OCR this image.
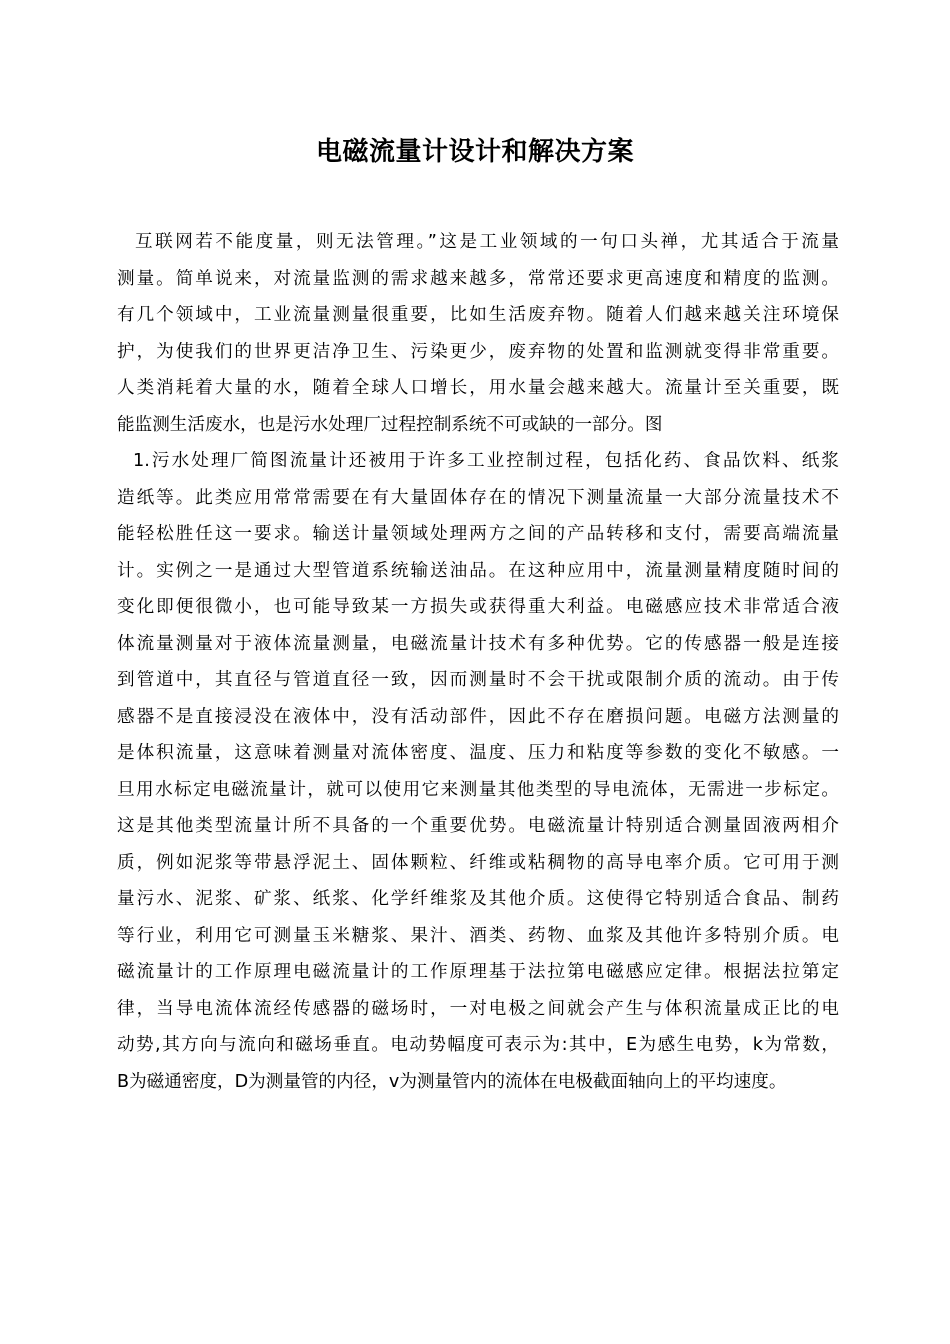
电磁流量计设计和解决方案
互联网若不能度量，则无法管理。”这是工业领域的一句口头禅，尤其适合于流量
测量。简单说来，对流量监测的需求越来越多，常常还要求更高速度和精度的监测。
有几个领域中，工业流量测量很重要，比如生活废弃物。随着人们越来越关注环境保
护，为使我们的世界更洁净卫生、污染更少，废弃物的处置和监测就变得非常重要。
人类消耗着大量的水，随着全球人口增长，用水量会越来越大。流量计至关重要，既
能监测生活废水，也是污水处理厂过程控制系统不可或缺的一部分。图
1.污水处理厂简图流量计还被用于许多工业控制过程，包括化药、食品饮料、纸浆
造纸等。此类应用常常需要在有大量固体存在的情况下测量流量一大部分流量技术不
能轻松胜任这一要求。输送计量领域处理两方之间的产品转移和支付，需要高端流量
计。实例之一是通过大型管道系统输送油品。在这种应用中，流量测量精度随时间的
变化即便很微小，也可能导致某一方损失或获得重大利益。电磁感应技术非常适合液
体流量测量对于液体流量测量，电磁流量计技术有多种优势。它的传感器一般是连接
到管道中，其直径与管道直径一致，因而测量时不会干扰或限制介质的流动。由于传
感器不是直接浸没在液体中，没有活动部件，因此不存在磨损问题。电磁方法测量的
是体积流量，这意味着测量对流体密度、温度、压力和粘度等参数的变化不敏感。一
旦用水标定电磁流量计，就可以使用它来测量其他类型的导电流体，无需进一步标定。
这是其他类型流量计所不具备的一个重要优势。电磁流量计特别适合测量固液两相介
质，例如泥浆等带悬浮泥土、固体颗粒、纤维或粘稠物的高导电率介质。它可用于测
量污水、泥浆、矿浆、纸浆、化学纤维浆及其他介质。这使得它特别适合食品、制药
等行业，利用它可测量玉米糖浆、果汁、酒类、药物、血浆及其他许多特别介质。电
磁流量计的工作原理电磁流量计的工作原理基于法拉第电磁感应定律。根据法拉第定
律，当导电流体流经传感器的磁场时，一对电极之间就会产生与体积流量成正比的电
动势,其方向与流向和磁场垂直。电动势幅度可表示为:其中，E为感生电势，k为常数，
B为磁通密度，D为测量管的内径，v为测量管内的流体在电极截面轴向上的平均速度。
